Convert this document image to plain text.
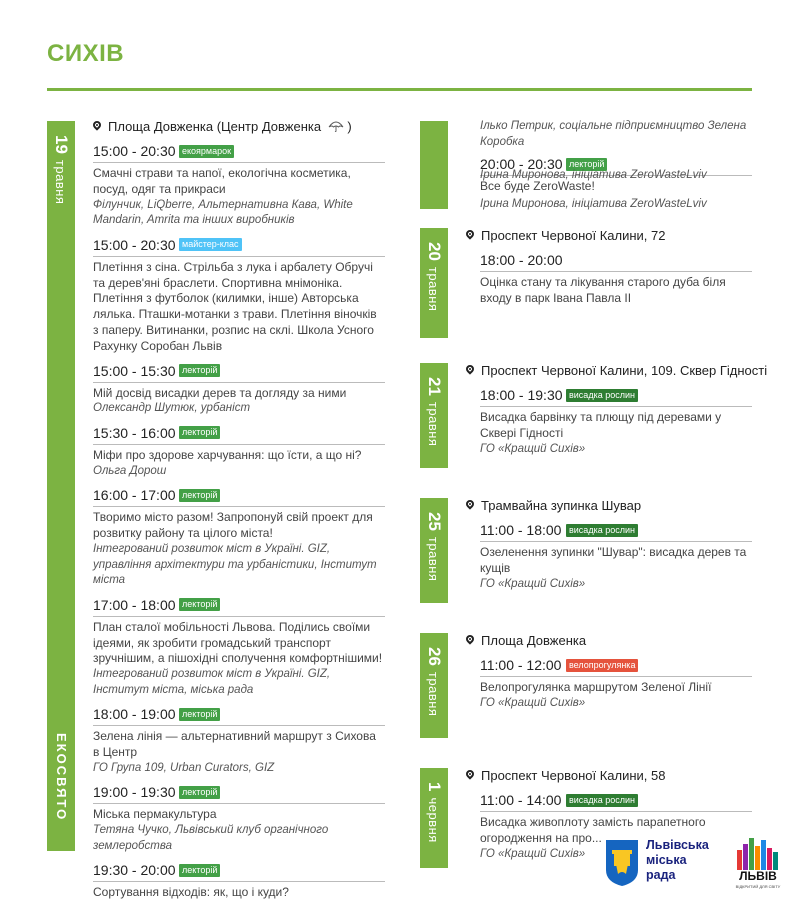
СИХІВ
19травня
ЕКОСВЯТО
Площа Довженка (Центр Довженка )
15:00 - 20:30 екоярмарок
Смачні страви та напої, екологічна косметика, посуд, одяг та прикраси
Філунчик, LiQberre, Альтернативна Кава, White Mandarin, Amrita та інших виробників
15:00 - 20:30 майстер-клас
Плетіння з сіна. Стрільба з лука і арбалету Обручі та дерев'яні браслети. Спортивна мнімоніка. Плетіння з футболок (килимки, інше) Авторська лялька. Пташки-мотанки з трави. Плетіння віночків з паперу. Витинанки, розпис на склі. Школа Усного Рахунку Соробан Львів
15:00 - 15:30 лекторій
Мій досвід висадки дерев та догляду за ними
Олександр Шутюк, урбаніст
15:30 - 16:00 лекторій
Міфи про здорове харчування: що їсти, а що ні?
Ольга Дорош
16:00 - 17:00 лекторій
Творимо місто разом! Запропонуй свій проект для розвитку району та цілого міста!
Інтегрований розвиток міст в Україні. GIZ, управління архітектури та урбаністики, Інститут міста
17:00 - 18:00 лекторій
План сталої мобільності Львова. Поділись своїми ідеями, як зробити громадський транспорт зручнішим, а пішохідні сполучення комфортнішими!
Інтегрований розвиток міст в Україні. GIZ, Інститут міста, міська рада
18:00 - 19:00 лекторій
Зелена лінія — альтернативний маршрут з Сихова в Центр
ГО Група 109, Urban Curators, GIZ
19:00 - 19:30 лекторій
Міська пермакультура
Тетяна Чучко, Львівський клуб органічного землеробства
19:30 - 20:00 лекторій
Сортування відходів: як, що і куди?
Ілько Петрик, соціальне підприємництво Зелена Коробка
20:00 - 20:30 лекторій
Ірина Миронова, ініціатива ZeroWasteLviv
Все буде ZeroWaste!
Ірина Миронова, ініціатива ZeroWasteLviv
20травня
Проспект Червоної Калини, 72
18:00 - 20:00
Оцінка стану та лікування старого дуба біля входу в парк Івана Павла ІІ
21травня
Проспект Червоної Калини, 109. Сквер Гідності
18:00 - 19:30 висадка рослин
Висадка барвінку та плющу під деревами у Сквері Гідності
ГО «Кращий Сихів»
25травня
Трамвайна зупинка Шувар
11:00 - 18:00 висадка рослин
Озеленення зупинки "Шувар": висадка дерев та кущів
ГО «Кращий Сихів»
26травня
Площа Довженка
11:00 - 12:00 велопрогулянка
Велопрогулянка маршрутом Зеленої Лінії
ГО «Кращий Сихів»
1червня
Проспект Червоної Калини, 58
11:00 - 14:00 висадка рослин
Висадка живоплоту замість парапетного огородження на про...
ГО «Кращий Сихів»
Львівська
міська
рада	ЛЬВІВ
ВІДКРИТИЙ ДЛЯ СВІТУ
